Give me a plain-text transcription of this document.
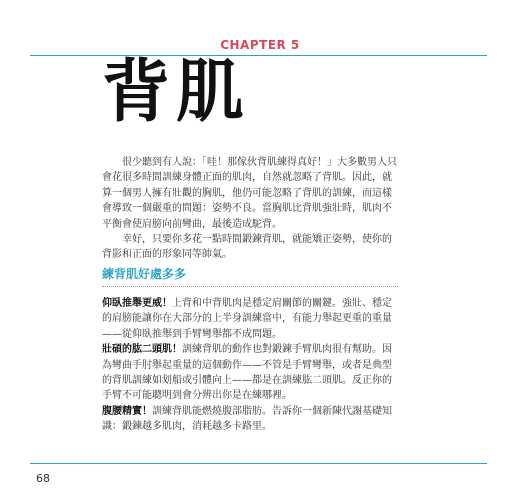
CHAPTER 5
背肌

很少聽到有人說：「哇！那傢伙背肌練得真好！」大多數男人只會花很多時間訓練身體正面的肌肉，自然就忽略了背肌。因此，就算一個男人擁有壯觀的胸肌，他仍可能忽略了背肌的訓練，而這樣會導致一個嚴重的問題：姿勢不良。當胸肌比背肌強壯時，肌肉不平衡會使肩膀向前彎曲，最後造成駝背。

幸好，只要你多花一點時間鍛鍊背肌，就能矯正姿勢，使你的背影和正面的形象同等帥氣。

練背肌好處多多

仰臥推舉更威！上背和中背肌肉是穩定肩關節的關鍵。強壯、穩定的肩膀能讓你在大部分的上半身訓練當中，有能力舉起更重的重量——從仰臥推舉到手臂彎舉都不成問題。

壯碩的肱二頭肌！訓練背肌的動作也對鍛鍊手臂肌肉很有幫助。因為彎曲手肘舉起重量的這個動作——不管是手臂彎舉，或者是典型的背肌訓練如划船或引體向上——都是在訓練肱二頭肌。反正你的手臂不可能聰明到會分辨出你是在練哪裡。

腹腰精實！訓練背肌能燃燒腹部脂肪。告訴你一個新陳代謝基礎知識：鍛鍊越多肌肉，消耗越多卡路里。

68
